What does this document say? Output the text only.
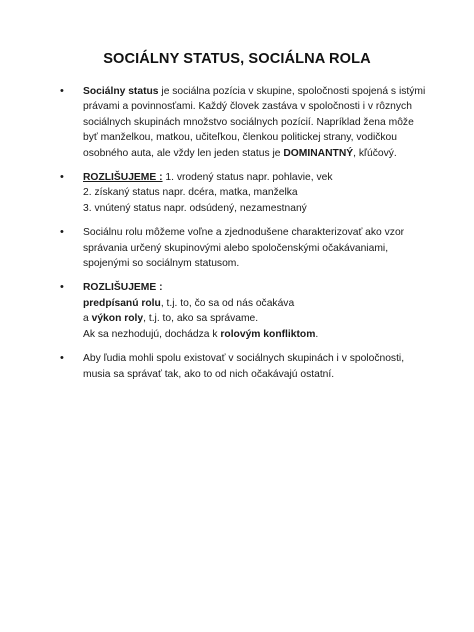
SOCIÁLNY STATUS, SOCIÁLNA ROLA
• Sociálny status je sociálna pozícia v skupine, spoločnosti spojená s istými
právami a povinnosťami. Každý človek zastáva v spoločnosti i v rôznych
sociálnych skupinách množstvo sociálnych pozícií. Napríklad žena môže
byť manželkou, matkou, učiteľkou, členkou politickej strany, vodičkou
osobného auta, ale vždy len jeden status je DOMINANTNÝ, kľúčový.
• ROZLIŠUJEME : 1. vrodený status napr. pohlavie, vek
2. získaný status napr. dcéra, matka, manželka
3. vnútený status napr. odsúdený, nezamestnaný
• Sociálnu rolu môžeme voľne a zjednodušene charakterizovať ako vzor
správania určený skupinovými alebo spoločenskými očakávaniami,
spojenými so sociálnym statusom.
• ROZLIŠUJEME :
predpísanú rolu, t.j. to, čo sa od nás očakáva
a výkon roly, t.j. to, ako sa správame.
Ak sa nezhodujú, dochádza k rolovým konfliktom.
• Aby ľudia mohli spolu existovať v sociálnych skupinách i v spoločnosti,
musia sa správať tak, ako to od nich očakávajú ostatní.
